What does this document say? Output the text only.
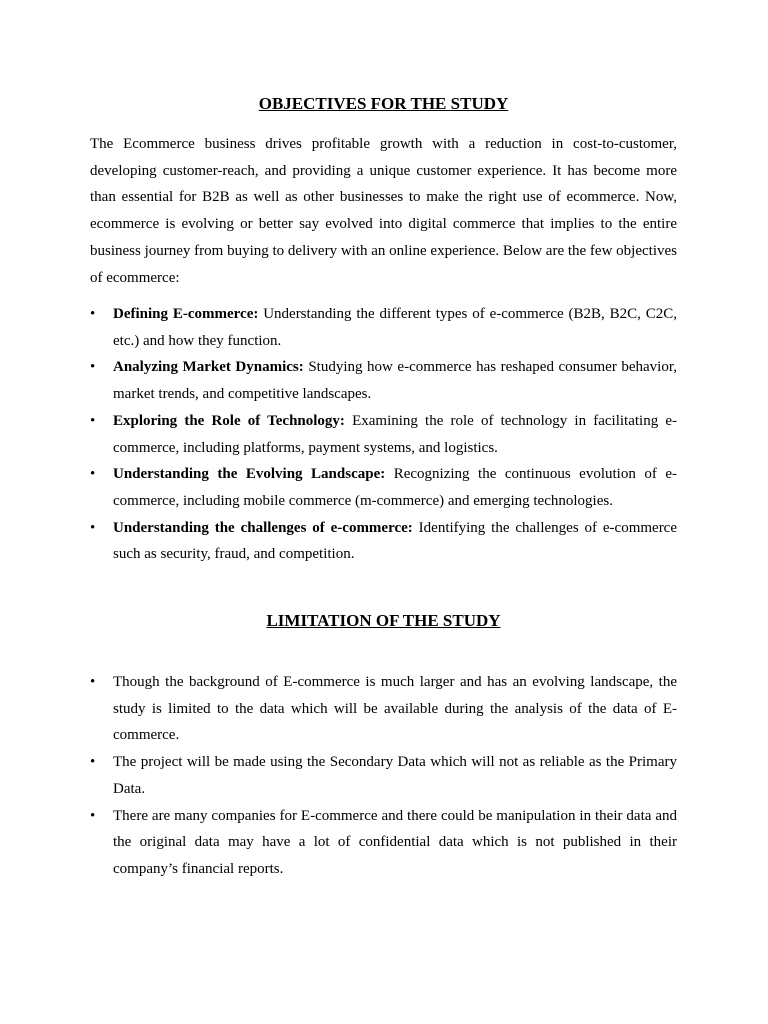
OBJECTIVES FOR THE STUDY

The Ecommerce business drives profitable growth with a reduction in cost-to-customer, developing customer-reach, and providing a unique customer experience. It has become more than essential for B2B as well as other businesses to make the right use of ecommerce. Now, ecommerce is evolving or better say evolved into digital commerce that implies to the entire business journey from buying to delivery with an online experience. Below are the few objectives of ecommerce:

• Defining E-commerce: Understanding the different types of e-commerce (B2B, B2C, C2C, etc.) and how they function.
• Analyzing Market Dynamics: Studying how e-commerce has reshaped consumer behavior, market trends, and competitive landscapes.
• Exploring the Role of Technology: Examining the role of technology in facilitating e-commerce, including platforms, payment systems, and logistics.
• Understanding the Evolving Landscape: Recognizing the continuous evolution of e-commerce, including mobile commerce (m-commerce) and emerging technologies.
• Understanding the challenges of e-commerce: Identifying the challenges of e-commerce such as security, fraud, and competition.
LIMITATION OF THE STUDY
• Though the background of E-commerce is much larger and has an evolving landscape, the study is limited to the data which will be available during the analysis of the data of E-commerce.
• The project will be made using the Secondary Data which will not as reliable as the Primary Data.
• There are many companies for E-commerce and there could be manipulation in their data and the original data may have a lot of confidential data which is not published in their company’s financial reports.
